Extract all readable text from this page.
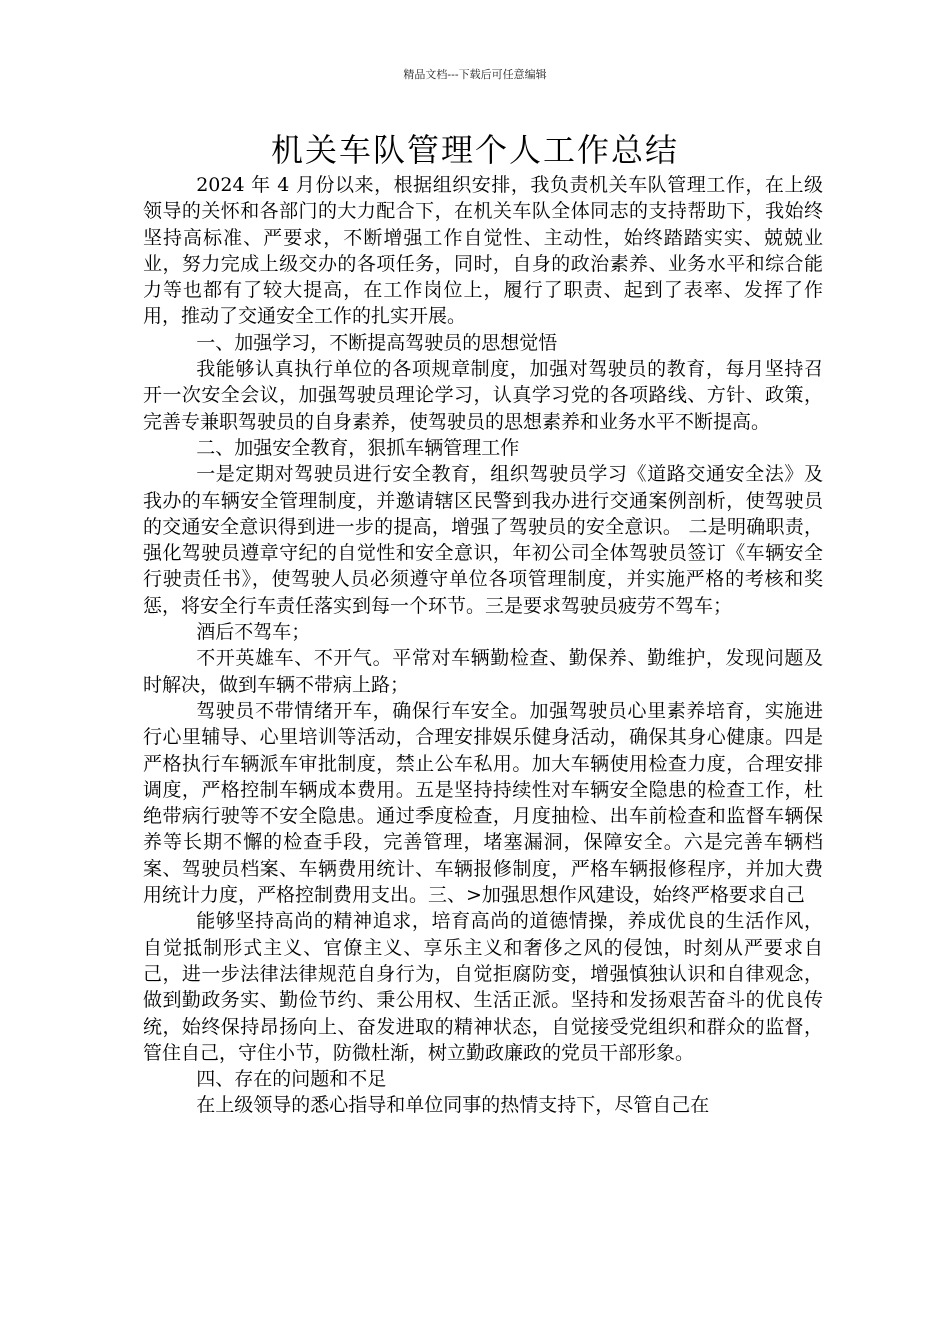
精品文档---下载后可任意编辑
机关车队管理个人工作总结

2024 年 4 月份以来，根据组织安排，我负责机关车队管理工作，在上级领导的关怀和各部门的大力配合下，在机关车队全体同志的支持帮助下，我始终坚持高标准、严要求，不断增强工作自觉性、主动性，始终踏踏实实、兢兢业业，努力完成上级交办的各项任务，同时，自身的政治素养、业务水平和综合能力等也都有了较大提高，在工作岗位上，履行了职责、起到了表率、发挥了作用，推动了交通安全工作的扎实开展。

一、加强学习，不断提高驾驶员的思想觉悟

我能够认真执行单位的各项规章制度，加强对驾驶员的教育，每月坚持召开一次安全会议，加强驾驶员理论学习，认真学习党的各项路线、方针、政策，完善专兼职驾驶员的自身素养，使驾驶员的思想素养和业务水平不断提高。

二、加强安全教育，狠抓车辆管理工作

一是定期对驾驶员进行安全教育，组织驾驶员学习《道路交通安全法》及我办的车辆安全管理制度，并邀请辖区民警到我办进行交通案例剖析，使驾驶员的交通安全意识得到进一步的提高，增强了驾驶员的安全意识。 二是明确职责，强化驾驶员遵章守纪的自觉性和安全意识，年初公司全体驾驶员签订《车辆安全行驶责任书》，使驾驶人员必须遵守单位各项管理制度，并实施严格的考核和奖惩，将安全行车责任落实到每一个环节。三是要求驾驶员疲劳不驾车；

酒后不驾车；

不开英雄车、不开气。平常对车辆勤检查、勤保养、勤维护，发现问题及时解决，做到车辆不带病上路；

驾驶员不带情绪开车，确保行车安全。加强驾驶员心里素养培育，实施进行心里辅导、心里培训等活动，合理安排娱乐健身活动，确保其身心健康。四是严格执行车辆派车审批制度，禁止公车私用。加大车辆使用检查力度，合理安排调度，严格控制车辆成本费用。五是坚持持续性对车辆安全隐患的检查工作，杜绝带病行驶等不安全隐患。通过季度检查，月度抽检、出车前检查和监督车辆保养等长期不懈的检查手段，完善管理，堵塞漏洞，保障安全。六是完善车辆档案、驾驶员档案、车辆费用统计、车辆报修制度，严格车辆报修程序，并加大费用统计力度，严格控制费用支出。三、>加强思想作风建设，始终严格要求自己

能够坚持高尚的精神追求，培育高尚的道德情操，养成优良的生活作风，自觉抵制形式主义、官僚主义、享乐主义和奢侈之风的侵蚀，时刻从严要求自己，进一步法律法律规范自身行为，自觉拒腐防变，增强慎独认识和自律观念，做到勤政务实、勤俭节约、秉公用权、生活正派。坚持和发扬艰苦奋斗的优良传统，始终保持昂扬向上、奋发进取的精神状态，自觉接受党组织和群众的监督，管住自己，守住小节，防微杜渐，树立勤政廉政的党员干部形象。

四、存在的问题和不足

在上级领导的悉心指导和单位同事的热情支持下，尽管自己在
